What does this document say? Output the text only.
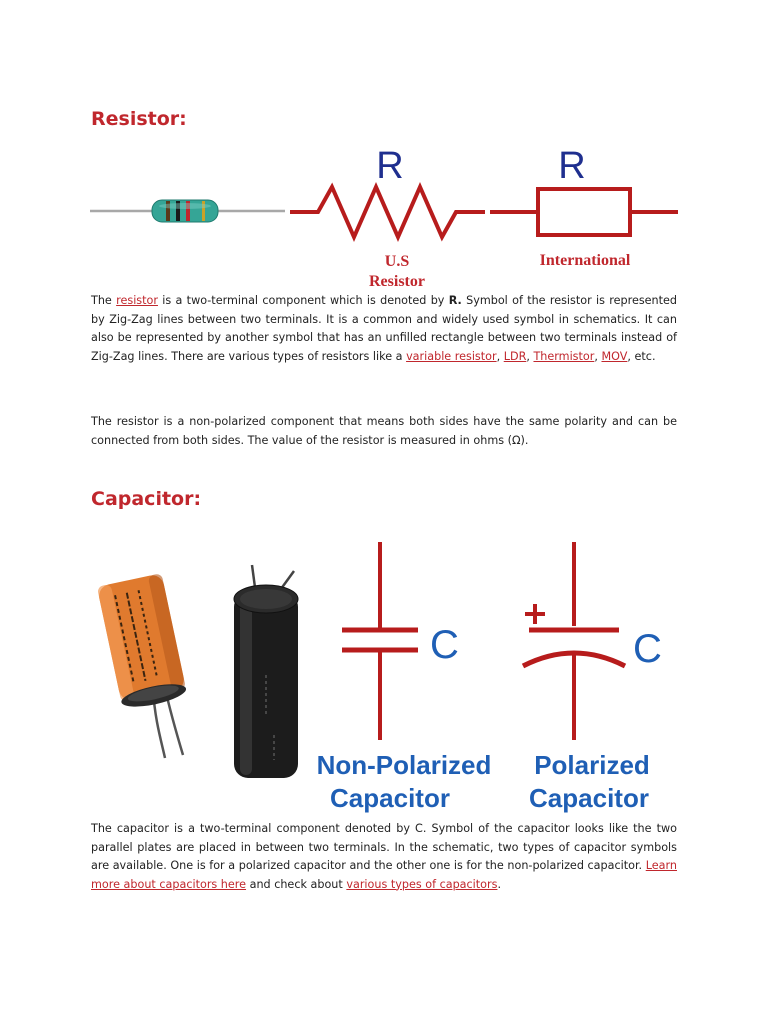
Resistor:
R
U.S
Resistor
R
International

The resistor is a two-terminal component which is denoted by R. Symbol of the resistor is represented by Zig-Zag lines between two terminals. It is a common and widely used symbol in schematics. It can also be represented by another symbol that has an unfilled rectangle between two terminals instead of Zig-Zag lines. There are various types of resistors like a variable resistor, LDR, Thermistor, MOV, etc.

The resistor is a non-polarized component that means both sides have the same polarity and can be connected from both sides. The value of the resistor is measured in ohms (Ω).

Capacitor:
C
Non-Polarized
Capacitor
C
Polarized
Capacitor

The capacitor is a two-terminal component denoted by C. Symbol of the capacitor looks like the two parallel plates are placed in between two terminals. In the schematic, two types of capacitor symbols are available. One is for a polarized capacitor and the other one is for the non-polarized capacitor. Learn more about capacitors here and check about various types of capacitors.
